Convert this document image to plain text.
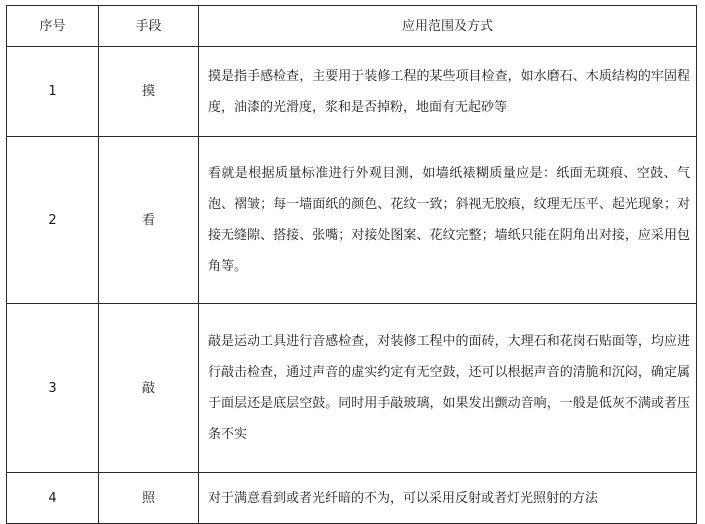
序号	手段	应用范围及方式
1	摸	摸是指手感检查，主要用于装修工程的某些项目检查，如水磨石、木质结构的牢固程度，油漆的光滑度，浆和是否掉粉，地面有无起砂等
2	看	看就是根据质量标准进行外观目测，如墙纸裱糊质量应是：纸面无斑痕、空鼓、气泡、褶皱；每一墙面纸的颜色、花纹一致；斜视无胶痕，纹理无压平、起光现象；对接无缝隙、搭接、张嘴；对接处图案、花纹完整；墙纸只能在阴角出对接，应采用包角等。
3	敲	敲是运动工具进行音感检查，对装修工程中的面砖，大理石和花岗石贴面等，均应进行敲击检查，通过声音的虚实约定有无空鼓，还可以根据声音的清脆和沉闷，确定属于面层还是底层空鼓。同时用手敲玻璃，如果发出颤动音响，一般是低灰不满或者压条不实
4	照	对于满意看到或者光纤暗的不为，可以采用反射或者灯光照射的方法
